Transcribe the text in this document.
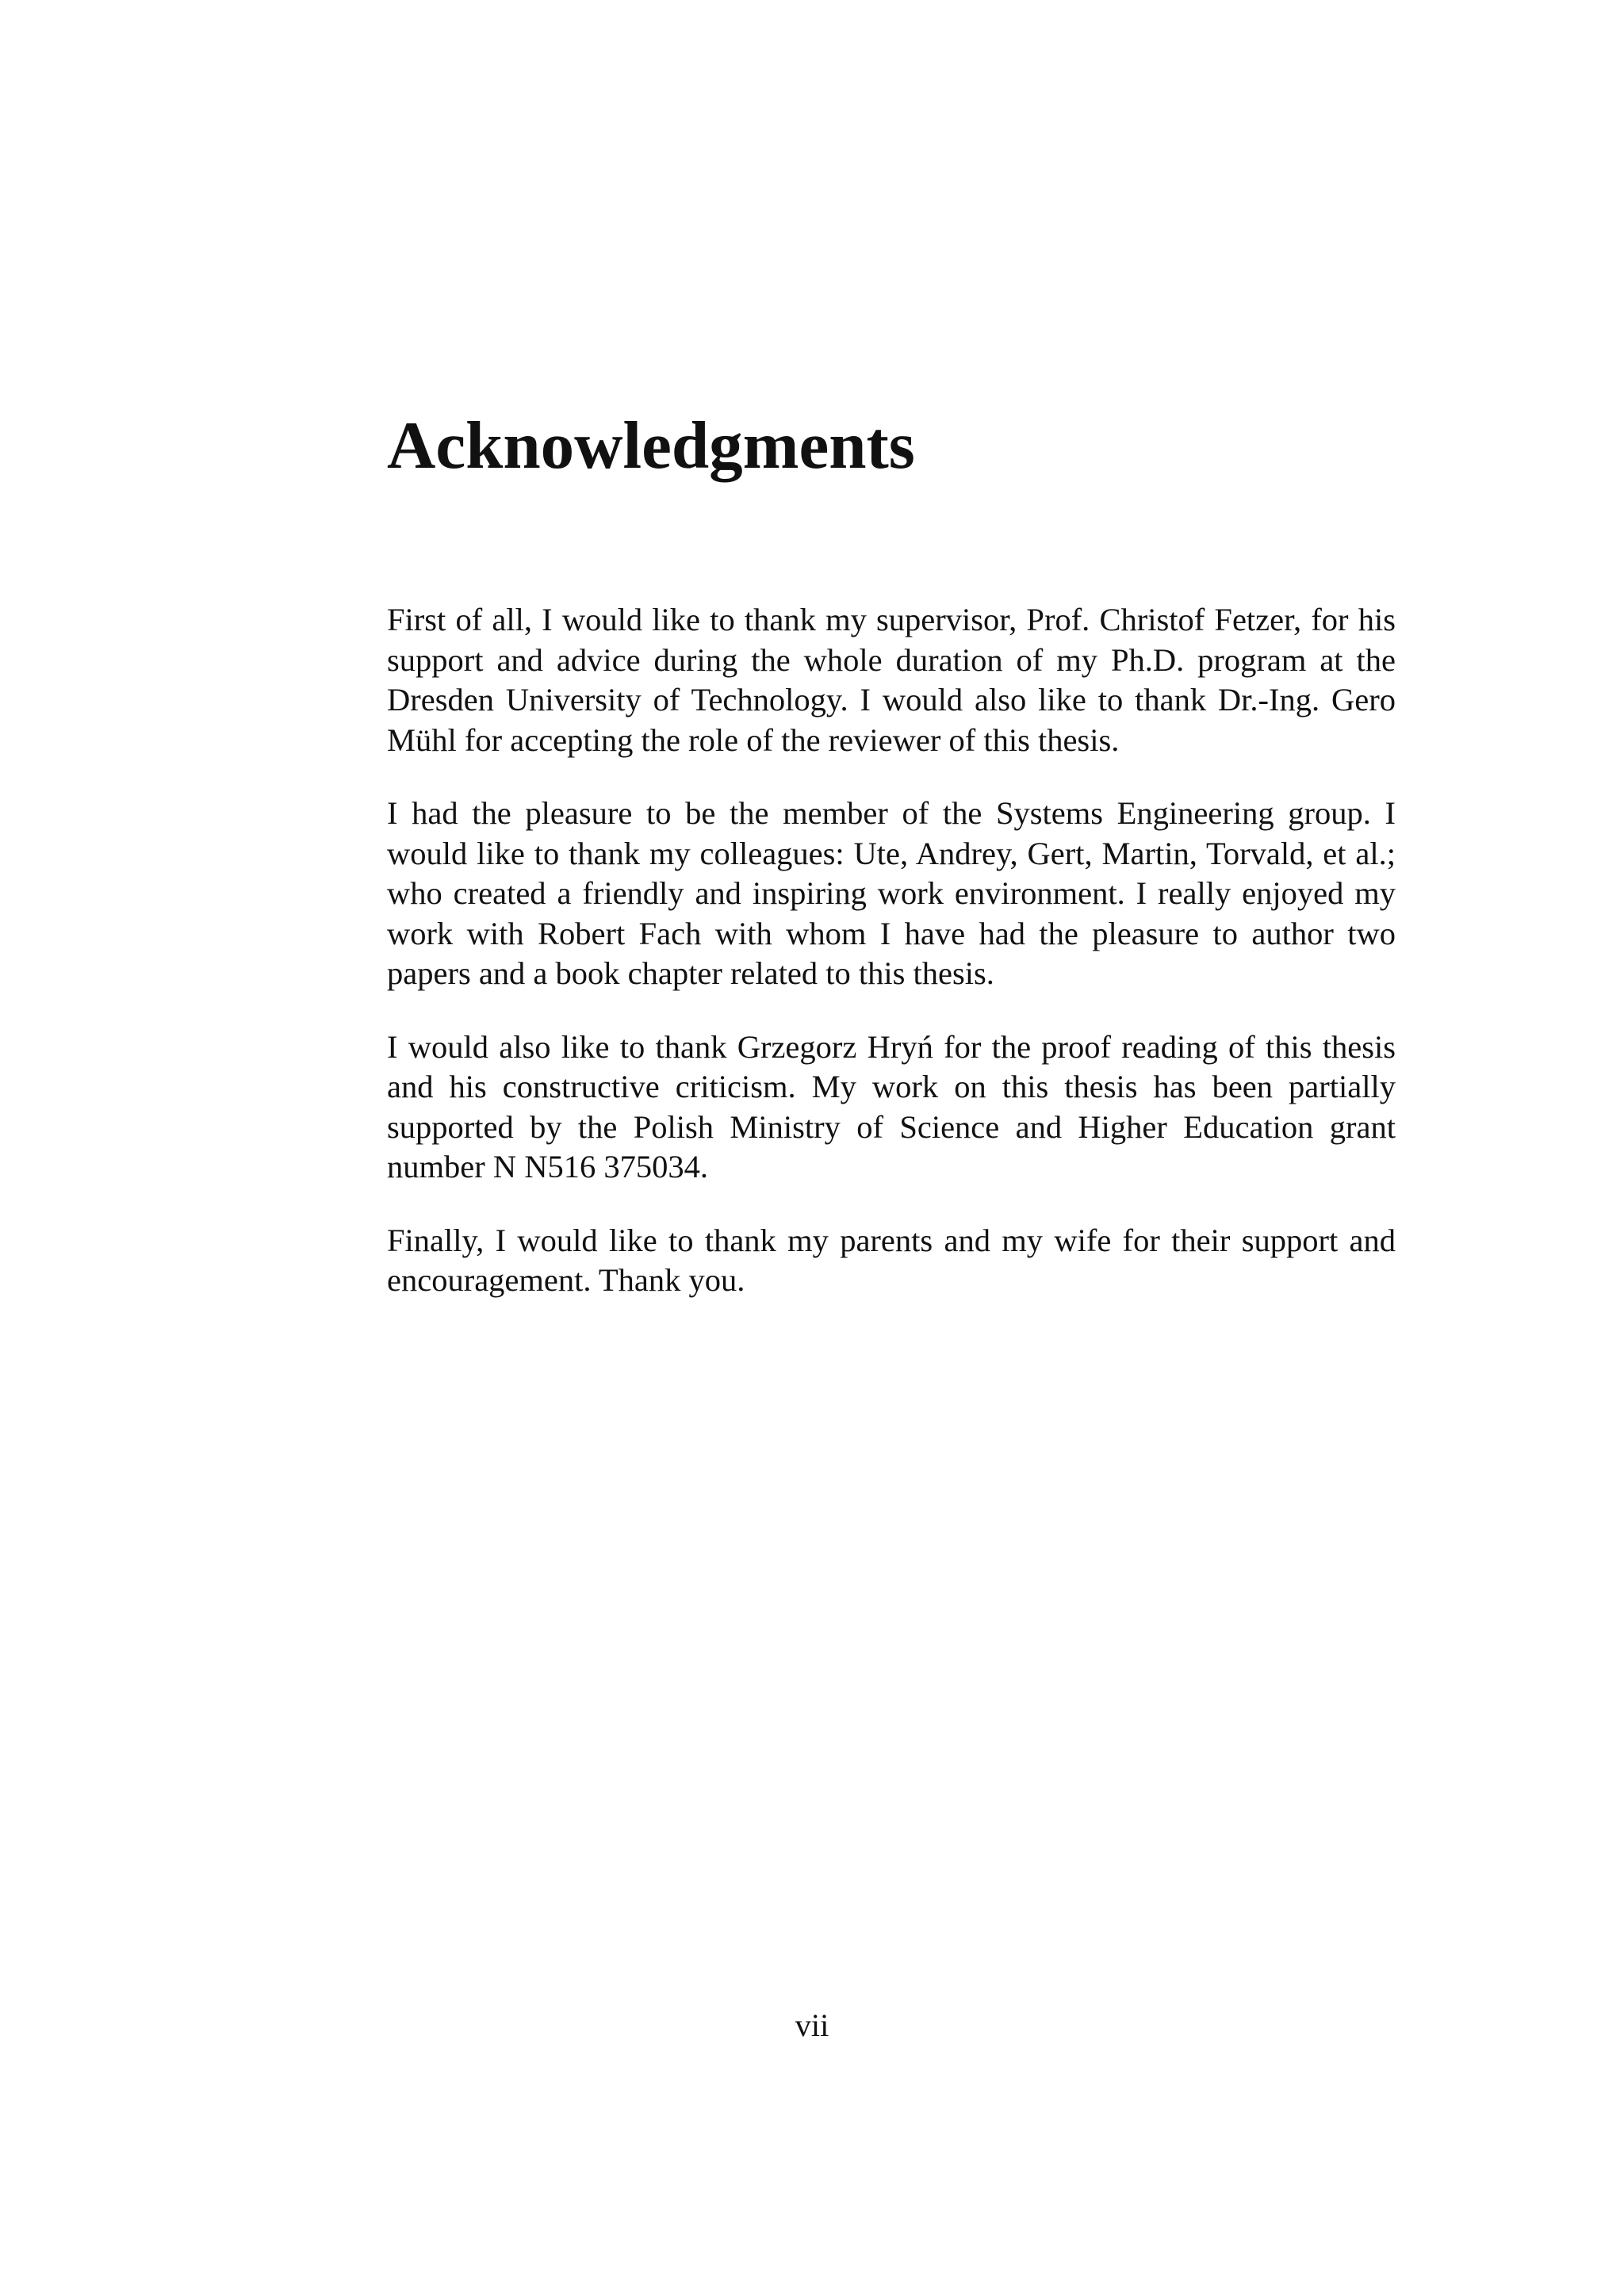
Acknowledgments

First of all, I would like to thank my supervisor, Prof. Christof Fetzer, for his support and advice during the whole duration of my Ph.D. program at the Dresden University of Technology. I would also like to thank Dr.-Ing. Gero Mühl for accepting the role of the reviewer of this thesis.

I had the pleasure to be the member of the Systems Engineering group. I would like to thank my colleagues: Ute, Andrey, Gert, Martin, Torvald, et al.; who created a friendly and inspiring work environment. I really enjoyed my work with Robert Fach with whom I have had the pleasure to author two papers and a book chapter related to this thesis.

I would also like to thank Grzegorz Hryń for the proof reading of this thesis and his constructive criticism. My work on this thesis has been partially supported by the Polish Ministry of Science and Higher Education grant number N N516 375034.

Finally, I would like to thank my parents and my wife for their support and encouragement. Thank you.

vii
